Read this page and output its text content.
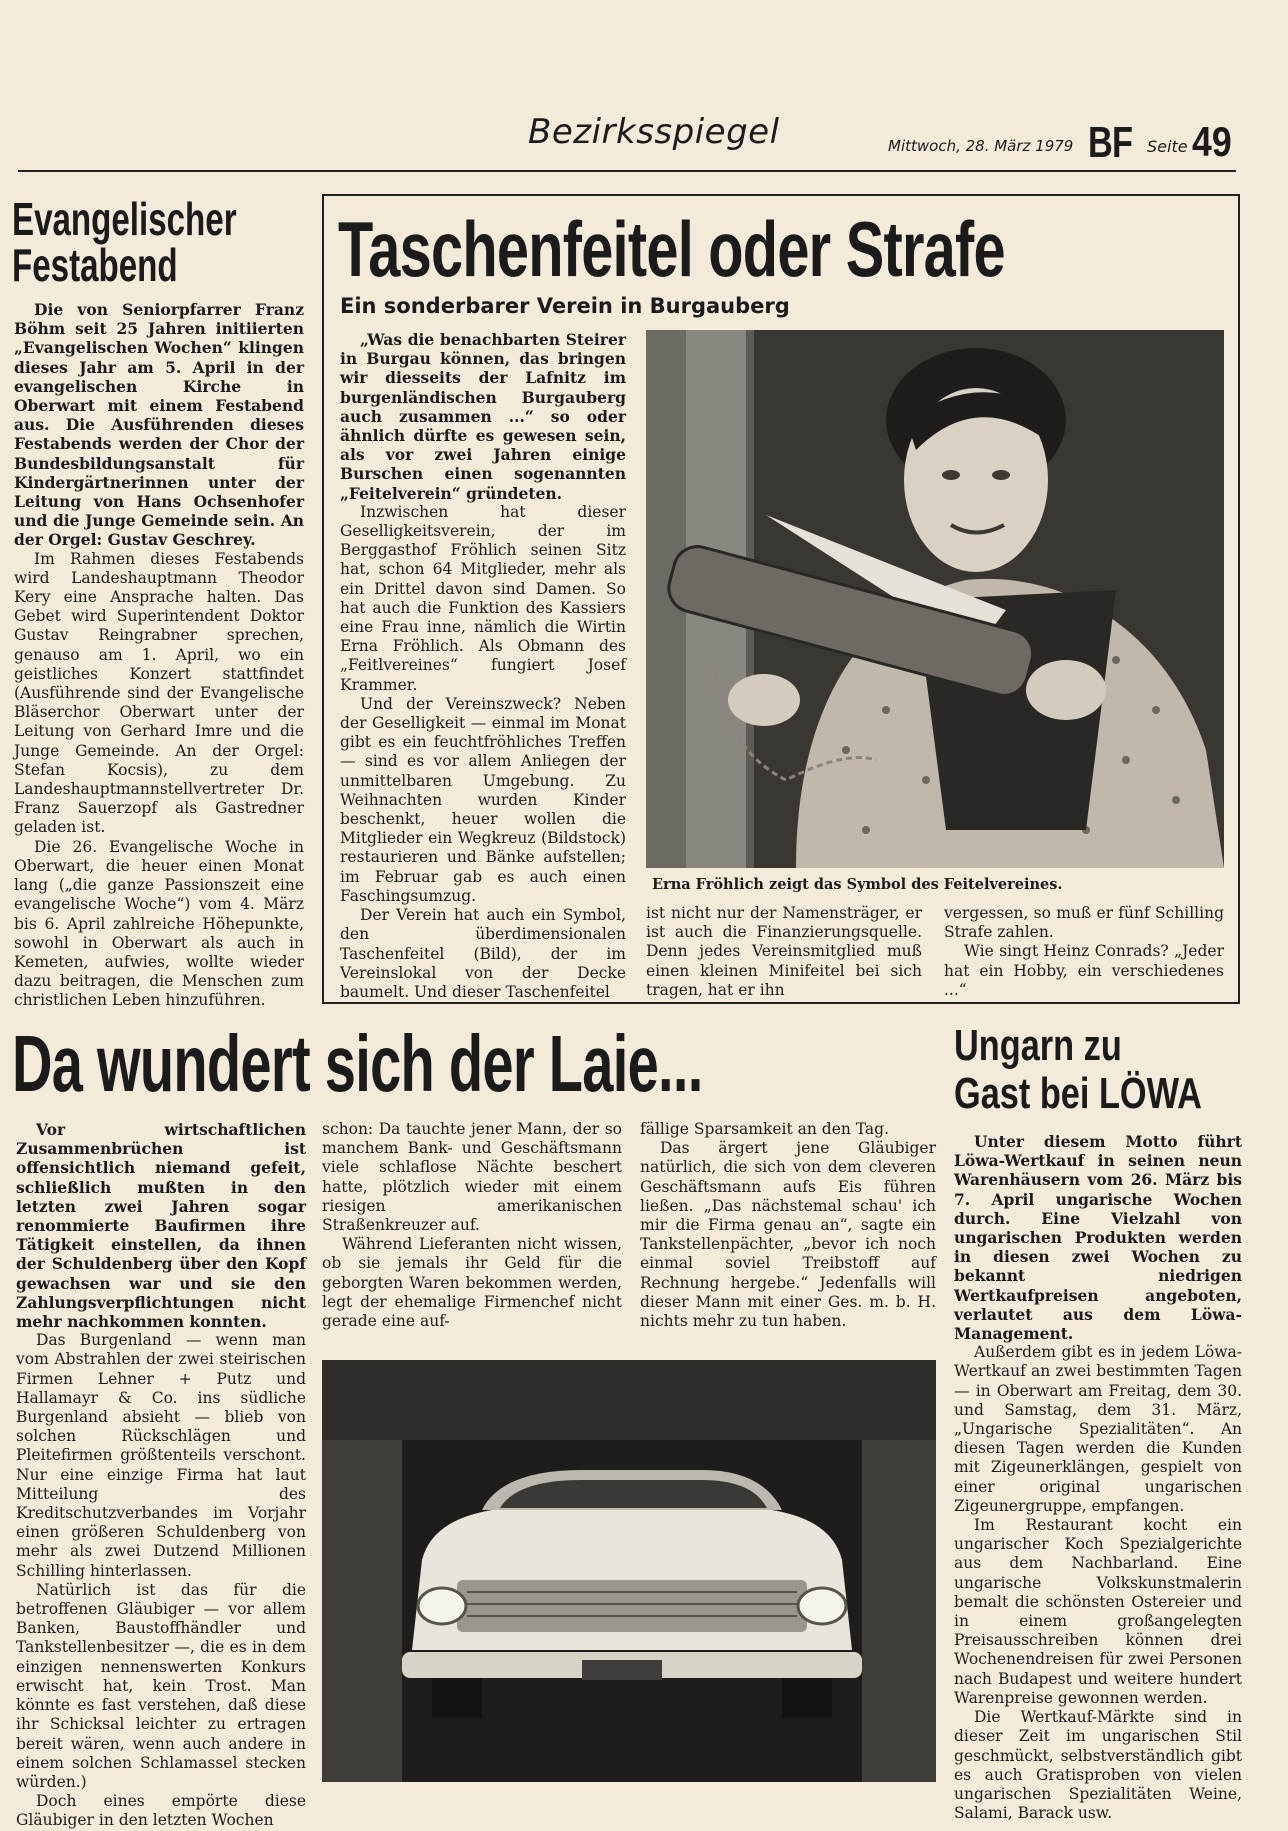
Bezirksspiegel	Mittwoch, 28. März 1979 BF Seite 49
Evangelischer
Festabend

Die von Seniorpfarrer Franz Böhm seit 25 Jahren initiierten „Evangelischen Wochen“ klingen dieses Jahr am 5. April in der evangelischen Kirche in Oberwart mit einem Festabend aus. Die Ausführenden dieses Festabends werden der Chor der Bundesbildungsanstalt für Kindergärtnerinnen unter der Leitung von Hans Ochsenhofer und die Junge Gemeinde sein. An der Orgel: Gustav Geschrey.

Im Rahmen dieses Festabends wird Landeshauptmann Theodor Kery eine Ansprache halten. Das Gebet wird Superintendent Doktor Gustav Reingrabner sprechen, genauso am 1. April, wo ein geistliches Konzert stattfindet (Ausführende sind der Evangelische Bläserchor Oberwart unter der Leitung von Gerhard Imre und die Junge Gemeinde. An der Orgel: Stefan Kocsis), zu dem Landeshauptmannstellvertreter Dr. Franz Sauerzopf als Gastredner geladen ist.

Die 26. Evangelische Woche in Oberwart, die heuer einen Monat lang („die ganze Passionszeit eine evangelische Woche“) vom 4. März bis 6. April zahlreiche Höhepunkte, sowohl in Oberwart als auch in Kemeten, aufwies, wollte wieder dazu beitragen, die Menschen zum christlichen Leben hinzuführen.

Taschenfeitel oder Strafe
Ein sonderbarer Verein in Burgauberg

„Was die benachbarten Steirer in Burgau können, das bringen wir diesseits der Lafnitz im burgenländischen Burgauberg auch zusammen ...“ so oder ähnlich dürfte es gewesen sein, als vor zwei Jahren einige Burschen einen sogenannten „Feitelverein“ gründeten.

Inzwischen hat dieser Geselligkeitsverein, der im Berggasthof Fröhlich seinen Sitz hat, schon 64 Mitglieder, mehr als ein Drittel davon sind Damen. So hat auch die Funktion des Kassiers eine Frau inne, nämlich die Wirtin Erna Fröhlich. Als Obmann des „Feitlvereines“ fungiert Josef Krammer.

Und der Vereinszweck? Neben der Geselligkeit — einmal im Monat gibt es ein feuchtfröhliches Treffen — sind es vor allem Anliegen der unmittelbaren Umgebung. Zu Weihnachten wurden Kinder beschenkt, heuer wollen die Mitglieder ein Wegkreuz (Bildstock) restaurieren und Bänke aufstellen; im Februar gab es auch einen Faschingsumzug.

Der Verein hat auch ein Symbol, den überdimensionalen Taschenfeitel (Bild), der im Vereinslokal von der Decke baumelt. Und dieser Taschenfeitel

Erna Fröhlich zeigt das Symbol des Feitelvereines.

ist nicht nur der Namensträger, er ist auch die Finanzierungsquelle. Denn jedes Vereinsmitglied muß einen kleinen Minifeitel bei sich tragen, hat er ihn

vergessen, so muß er fünf Schilling Strafe zahlen.

Wie singt Heinz Conrads? „Jeder hat ein Hobby, ein verschiedenes ...“

Da wundert sich der Laie...

Vor wirtschaftlichen Zusammenbrüchen ist offensichtlich niemand gefeit, schließlich mußten in den letzten zwei Jahren sogar renommierte Baufirmen ihre Tätigkeit einstellen, da ihnen der Schuldenberg über den Kopf gewachsen war und sie den Zahlungsverpflichtungen nicht mehr nachkommen konnten.

Das Burgenland — wenn man vom Abstrahlen der zwei steirischen Firmen Lehner + Putz und Hallamayr & Co. ins südliche Burgenland absieht — blieb von solchen Rückschlägen und Pleitefirmen größtenteils verschont. Nur eine einzige Firma hat laut Mitteilung des Kreditschutzverbandes im Vorjahr einen größeren Schuldenberg von mehr als zwei Dutzend Millionen Schilling hinterlassen.

Natürlich ist das für die betroffenen Gläubiger — vor allem Banken, Baustoffhändler und Tankstellenbesitzer —, die es in dem einzigen nennenswerten Konkurs erwischt hat, kein Trost. Man könnte es fast verstehen, daß diese ihr Schicksal leichter zu ertragen bereit wären, wenn auch andere in einem solchen Schlamassel stecken würden.)

Doch eines empörte diese Gläubiger in den letzten Wochen

schon: Da tauchte jener Mann, der so manchem Bank- und Geschäftsmann viele schlaflose Nächte beschert hatte, plötzlich wieder mit einem riesigen amerikanischen Straßenkreuzer auf.

Während Lieferanten nicht wissen, ob sie jemals ihr Geld für die geborgten Waren bekommen werden, legt der ehemalige Firmenchef nicht gerade eine auf-

fällige Sparsamkeit an den Tag.

Das ärgert jene Gläubiger natürlich, die sich von dem cleveren Geschäftsmann aufs Eis führen ließen. „Das nächstemal schau' ich mir die Firma genau an“, sagte ein Tankstellenpächter, „bevor ich noch einmal soviel Treibstoff auf Rechnung hergebe.“ Jedenfalls will dieser Mann mit einer Ges. m. b. H. nichts mehr zu tun haben.

Ungarn zu
Gast bei LÖWA

Unter diesem Motto führt Löwa-Wertkauf in seinen neun Warenhäusern vom 26. März bis 7. April ungarische Wochen durch. Eine Vielzahl von ungarischen Produkten werden in diesen zwei Wochen zu bekannt niedrigen Wertkaufpreisen angeboten, verlautet aus dem Löwa-Management.

Außerdem gibt es in jedem Löwa-Wertkauf an zwei bestimmten Tagen — in Oberwart am Freitag, dem 30. und Samstag, dem 31. März, „Ungarische Spezialitäten“. An diesen Tagen werden die Kunden mit Zigeunerklängen, gespielt von einer original ungarischen Zigeunergruppe, empfangen.

Im Restaurant kocht ein ungarischer Koch Spezialgerichte aus dem Nachbarland. Eine ungarische Volkskunstmalerin bemalt die schönsten Ostereier und in einem großangelegten Preisausschreiben können drei Wochenendreisen für zwei Personen nach Budapest und weitere hundert Warenpreise gewonnen werden.

Die Wertkauf-Märkte sind in dieser Zeit im ungarischen Stil geschmückt, selbstverständlich gibt es auch Gratisproben von vielen ungarischen Spezialitäten Weine, Salami, Barack usw.
